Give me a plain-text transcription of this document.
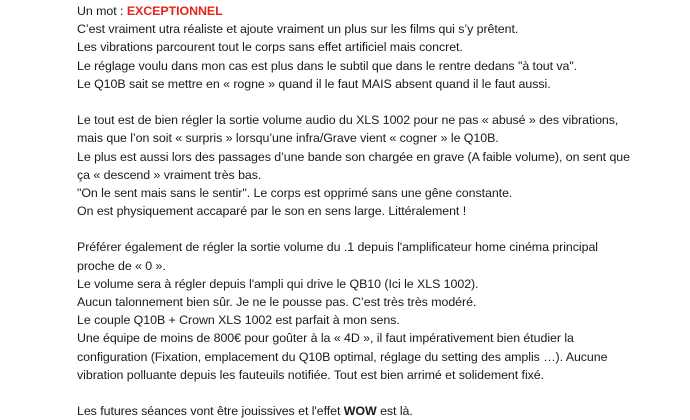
Un mot : EXCEPTIONNEL
C’est vraiment utra réaliste et ajoute vraiment un plus sur les films qui s’y prêtent.
Les vibrations parcourent tout le corps sans effet artificiel mais concret.
Le réglage voulu dans mon cas est plus dans le subtil que dans le rentre dedans "à tout va".
Le Q10B sait se mettre en « rogne » quand il le faut MAIS absent quand il le faut aussi.
Le tout est de bien régler la sortie volume audio du XLS 1002 pour ne pas « abusé » des vibrations,
mais que l’on soit « surpris » lorsqu’une infra/Grave vient « cogner » le Q10B.
Le plus est aussi lors des passages d’une bande son chargée en grave (A faible volume), on sent que
ça « descend » vraiment très bas.
"On le sent mais sans le sentir". Le corps est opprimé sans une gêne constante.
On est physiquement accaparé par le son en sens large. Littéralement !
Préférer également de régler la sortie volume du .1 depuis l'amplificateur home cinéma principal
proche de « 0 ».
Le volume sera à régler depuis l'ampli qui drive le QB10 (Ici le XLS 1002).
Aucun talonnement bien sûr. Je ne le pousse pas. C’est très très modéré.
Le couple Q10B + Crown XLS 1002 est parfait à mon sens.
Une équipe de moins de 800€ pour goûter à la « 4D », il faut impérativement bien étudier la
configuration (Fixation, emplacement du Q10B optimal, réglage du setting des amplis …). Aucune
vibration polluante depuis les fauteuils notifiée. Tout est bien arrimé et solidement fixé.
Les futures séances vont être jouissives et l'effet WOW est là.
